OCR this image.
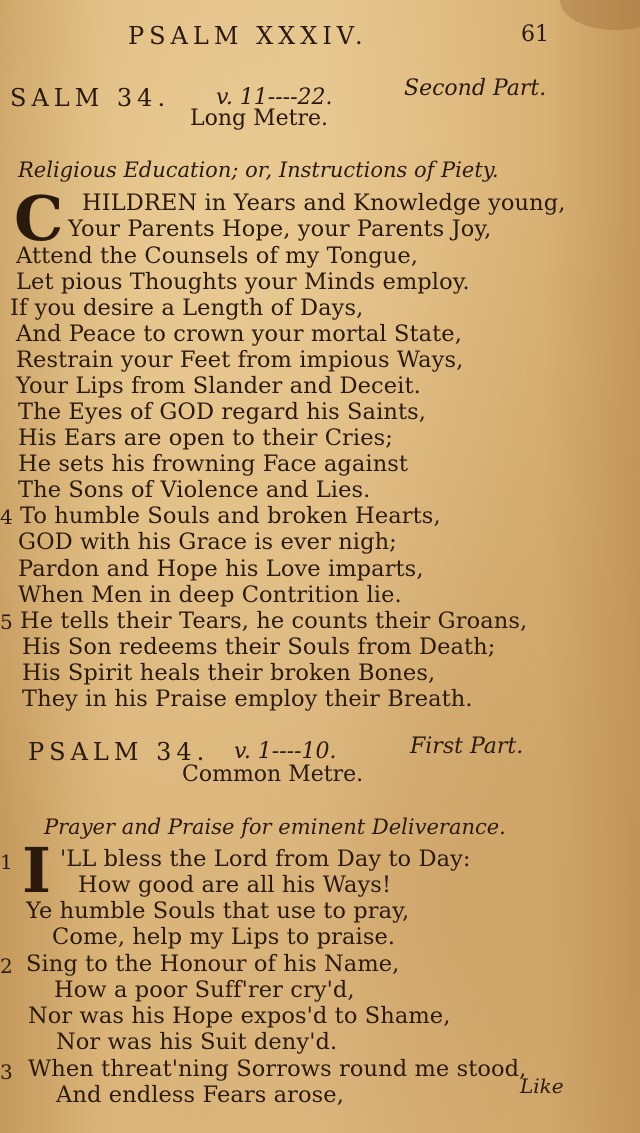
PSALM XXXIV.	61
SALM 34. v. 11----22.	Second Part.
Long Metre.
Religious Education; or, Instructions of Piety.
C HILDREN in Years and Knowledge young,
Your Parents Hope, your Parents Joy,
Attend the Counsels of my Tongue,
Let pious Thoughts your Minds employ.
If you desire a Length of Days,
And Peace to crown your mortal State,
Restrain your Feet from impious Ways,
Your Lips from Slander and Deceit.
The Eyes of GOD regard his Saints,
His Ears are open to their Cries;
He sets his frowning Face against
The Sons of Violence and Lies.
4 To humble Souls and broken Hearts,
GOD with his Grace is ever nigh;
Pardon and Hope his Love imparts,
When Men in deep Contrition lie.
5 He tells their Tears, he counts their Groans,
His Son redeems their Souls from Death;
His Spirit heals their broken Bones,
They in his Praise employ their Breath.
PSALM 34. v. 1----10.	First Part.
Common Metre.
Prayer and Praise for eminent Deliverance.
1 I 'LL bless the Lord from Day to Day:
How good are all his Ways!
Ye humble Souls that use to pray,
Come, help my Lips to praise.
2 Sing to the Honour of his Name,
How a poor Suff'rer cry'd,
Nor was his Hope expos'd to Shame,
Nor was his Suit deny'd.
3 When threat'ning Sorrows round me stood,
And endless Fears arose,	Like
